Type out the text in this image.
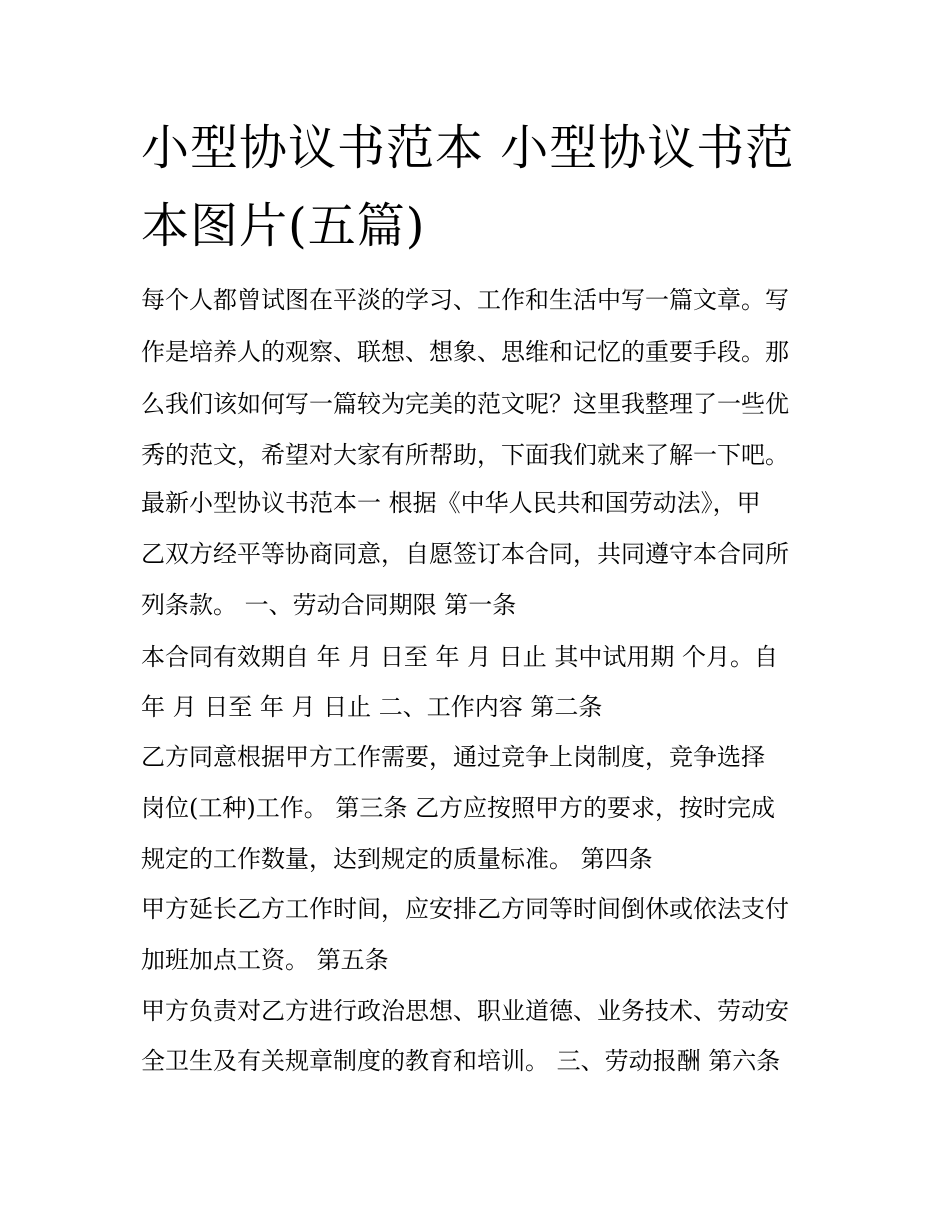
小型协议书范本 小型协议书范
本图片(五篇)
每个人都曾试图在平淡的学习、工作和生活中写一篇文章。写
作是培养人的观察、联想、想象、思维和记忆的重要手段。那
么我们该如何写一篇较为完美的范文呢？这里我整理了一些优
秀的范文，希望对大家有所帮助，下面我们就来了解一下吧。
最新小型协议书范本一 根据《中华人民共和国劳动法》，甲
乙双方经平等协商同意，自愿签订本合同，共同遵守本合同所
列条款。 一、劳动合同期限 第一条
本合同有效期自 年 月 日至 年 月 日止 其中试用期 个月。自
年 月 日至 年 月 日止 二、工作内容 第二条
乙方同意根据甲方工作需要，通过竞争上岗制度，竞争选择
岗位(工种)工作。 第三条 乙方应按照甲方的要求，按时完成
规定的工作数量，达到规定的质量标准。 第四条
甲方延长乙方工作时间，应安排乙方同等时间倒休或依法支付
加班加点工资。 第五条
甲方负责对乙方进行政治思想、职业道德、业务技术、劳动安
全卫生及有关规章制度的教育和培训。 三、劳动报酬 第六条
